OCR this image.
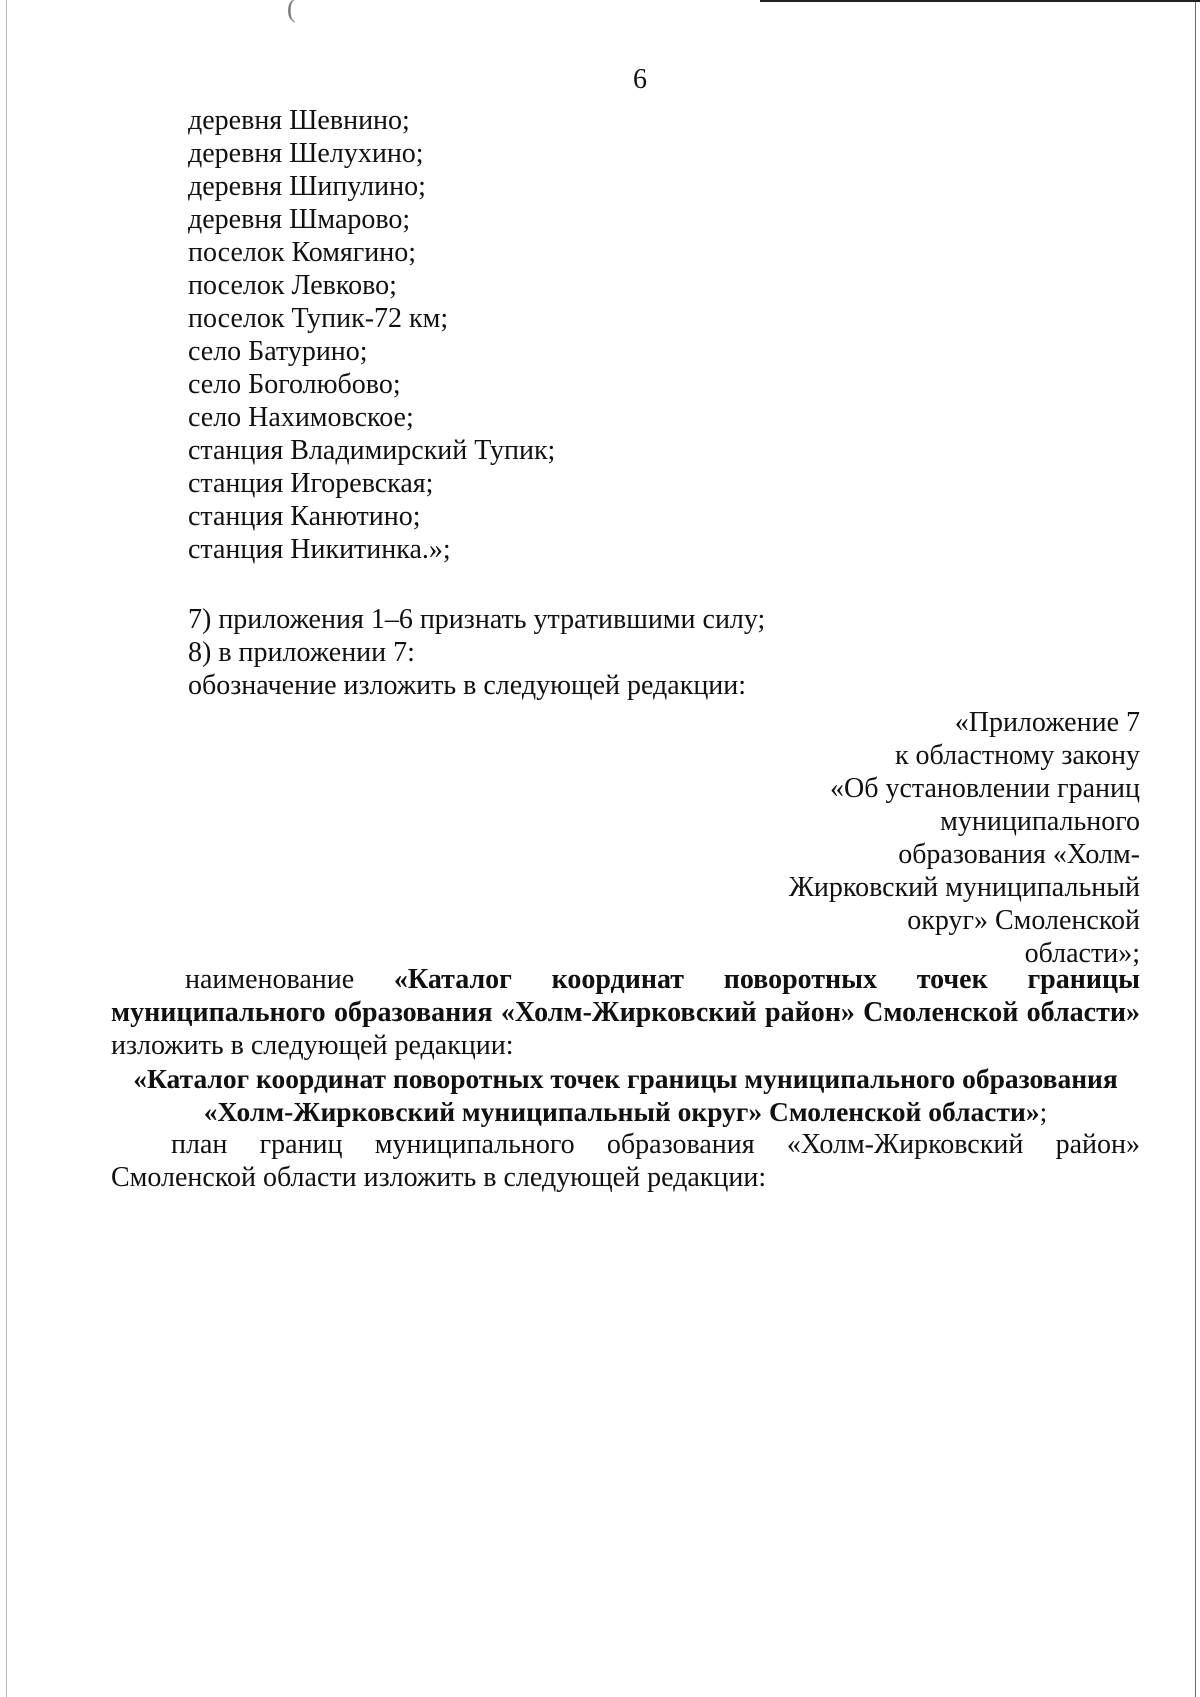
(
6
деревня Шевнино;
деревня Шелухино;
деревня Шипулино;
деревня Шмарово;
поселок Комягино;
поселок Левково;
поселок Тупик-72 км;
село Батурино;
село Боголюбово;
село Нахимовское;
станция Владимирский Тупик;
станция Игоревская;
станция Канютино;
станция Никитинка.»;
7) приложения 1–6 признать утратившими силу;
8) в приложении 7:
обозначение изложить в следующей редакции:
«Приложение 7
к областному закону
«Об установлении границ
муниципального
образования «Холм-
Жирковский муниципальный
округ» Смоленской
области»;
наименование «Каталог координат поворотных точек границы муниципального образования «Холм-Жирковский район» Смоленской области» изложить в следующей редакции:
«Каталог координат поворотных точек границы муниципального образования
«Холм-Жирковский муниципальный округ» Смоленской области»;
план границ муниципального образования «Холм-Жирковский район» Смоленской области изложить в следующей редакции:
